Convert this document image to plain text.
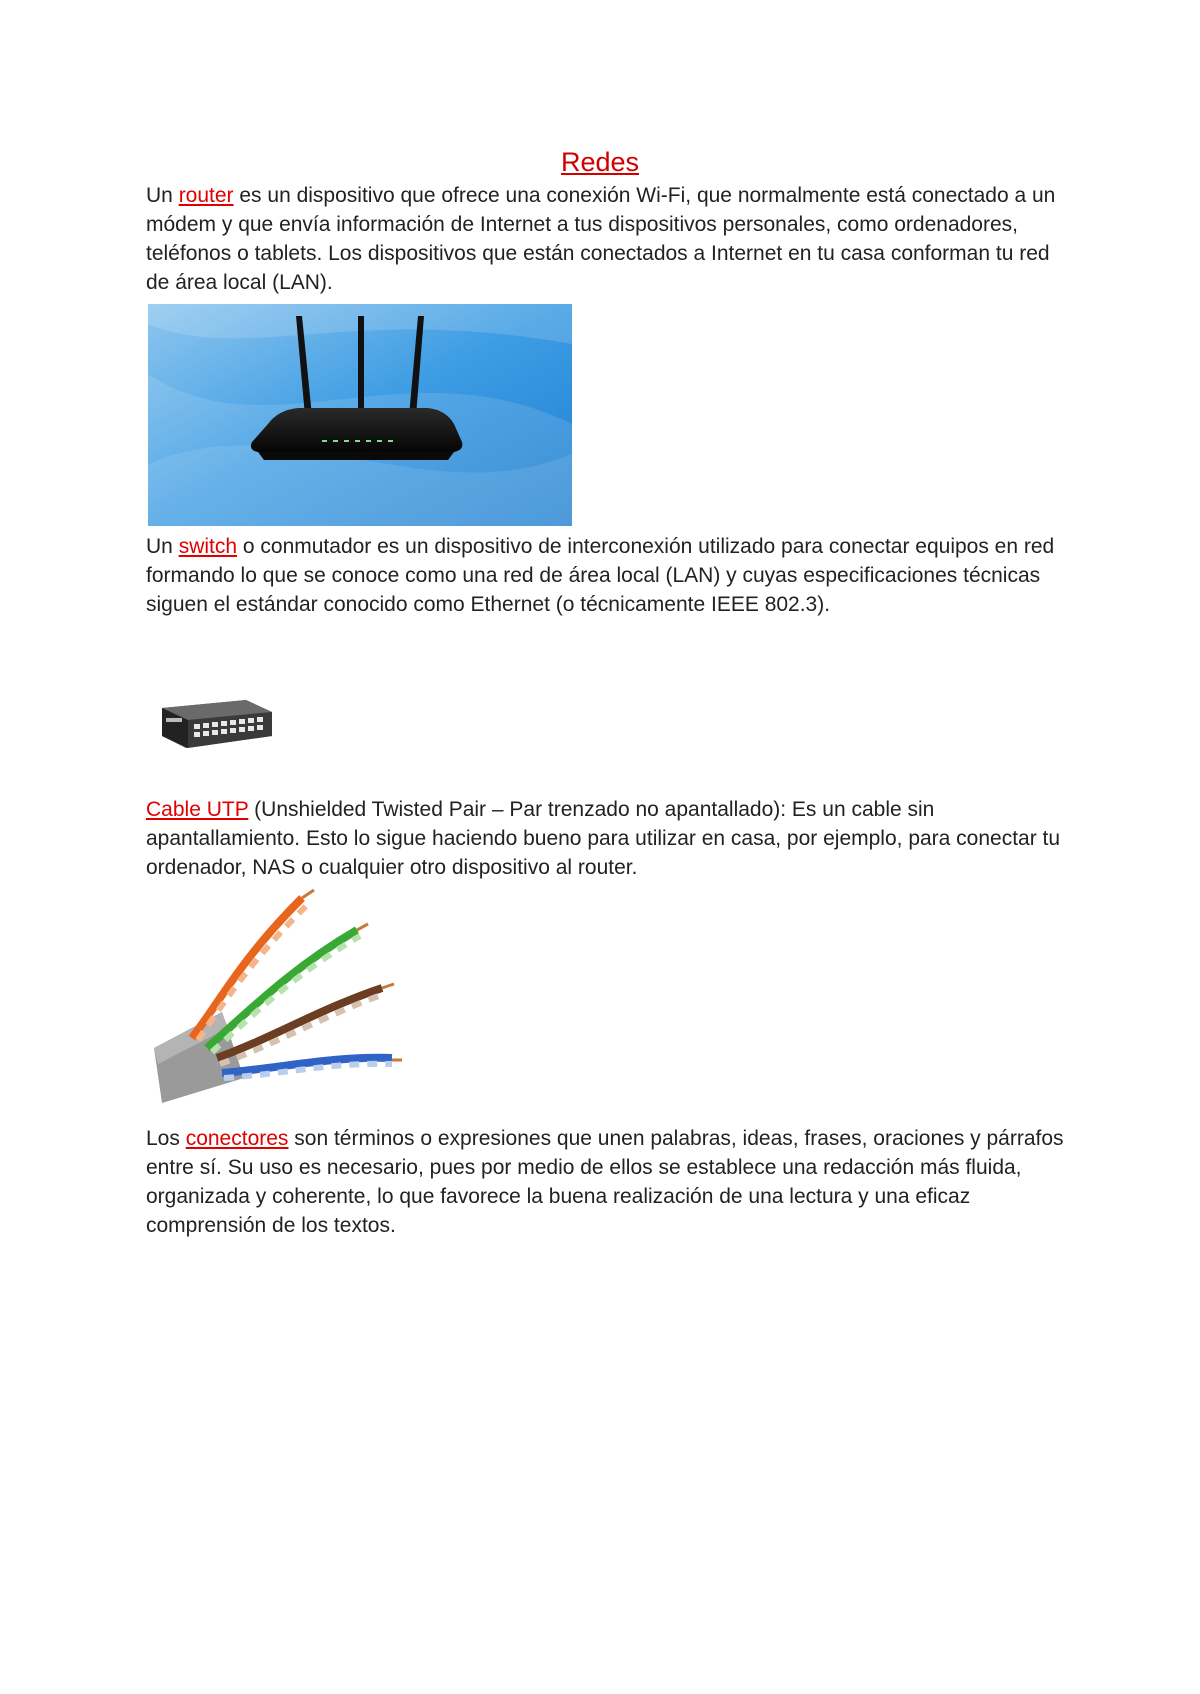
Redes

Un router es un dispositivo que ofrece una conexión Wi-Fi, que normalmente está conectado a un módem y que envía información de Internet a tus dispositivos personales, como ordenadores, teléfonos o tablets. Los dispositivos que están conectados a Internet en tu casa conforman tu red de área local (LAN).

Un switch o conmutador es un dispositivo de interconexión utilizado para conectar equipos en red formando lo que se conoce como una red de área local (LAN) y cuyas especificaciones técnicas siguen el estándar conocido como Ethernet (o técnicamente IEEE 802.3).

Cable UTP (Unshielded Twisted Pair – Par trenzado no apantallado): Es un cable sin apantallamiento. Esto lo sigue haciendo bueno para utilizar en casa, por ejemplo, para conectar tu ordenador, NAS o cualquier otro dispositivo al router.

Los conectores son términos o expresiones que unen palabras, ideas, frases, oraciones y párrafos entre sí. Su uso es necesario, pues por medio de ellos se establece una redacción más fluida, organizada y coherente, lo que favorece la buena realización de una lectura y una eficaz comprensión de los textos.
